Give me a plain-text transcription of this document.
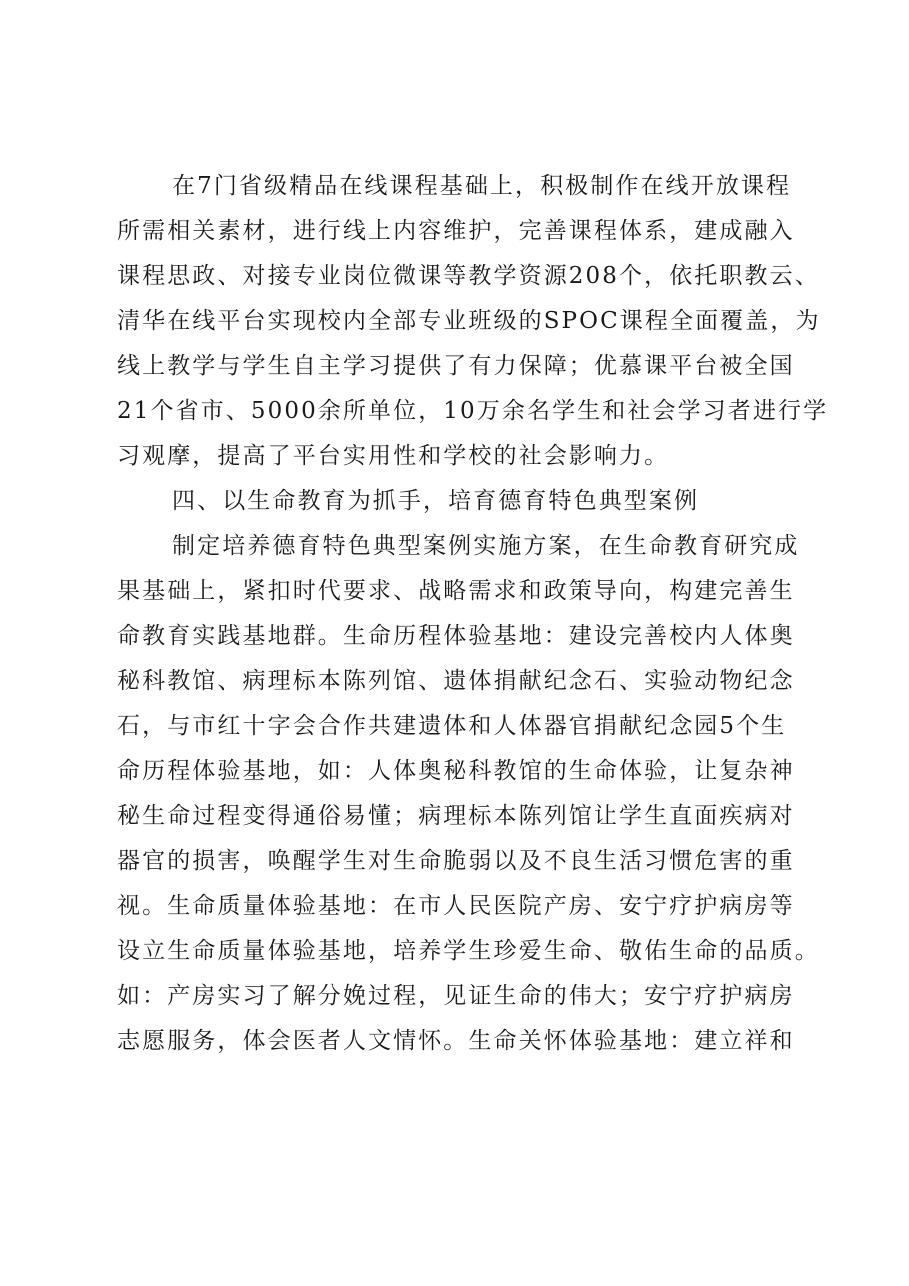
在7门省级精品在线课程基础上，积极制作在线开放课程
所需相关素材，进行线上内容维护，完善课程体系，建成融入
课程思政、对接专业岗位微课等教学资源208个，依托职教云、
清华在线平台实现校内全部专业班级的SPOC课程全面覆盖，为
线上教学与学生自主学习提供了有力保障；优慕课平台被全国
21个省市、5000余所单位，10万余名学生和社会学习者进行学
习观摩，提高了平台实用性和学校的社会影响力。
四、以生命教育为抓手，培育德育特色典型案例
制定培养德育特色典型案例实施方案，在生命教育研究成
果基础上，紧扣时代要求、战略需求和政策导向，构建完善生
命教育实践基地群。生命历程体验基地：建设完善校内人体奥
秘科教馆、病理标本陈列馆、遗体捐献纪念石、实验动物纪念
石，与市红十字会合作共建遗体和人体器官捐献纪念园5个生
命历程体验基地，如：人体奥秘科教馆的生命体验，让复杂神
秘生命过程变得通俗易懂；病理标本陈列馆让学生直面疾病对
器官的损害，唤醒学生对生命脆弱以及不良生活习惯危害的重
视。生命质量体验基地：在市人民医院产房、安宁疗护病房等
设立生命质量体验基地，培养学生珍爱生命、敬佑生命的品质。
如：产房实习了解分娩过程，见证生命的伟大；安宁疗护病房
志愿服务，体会医者人文情怀。生命关怀体验基地：建立祥和
